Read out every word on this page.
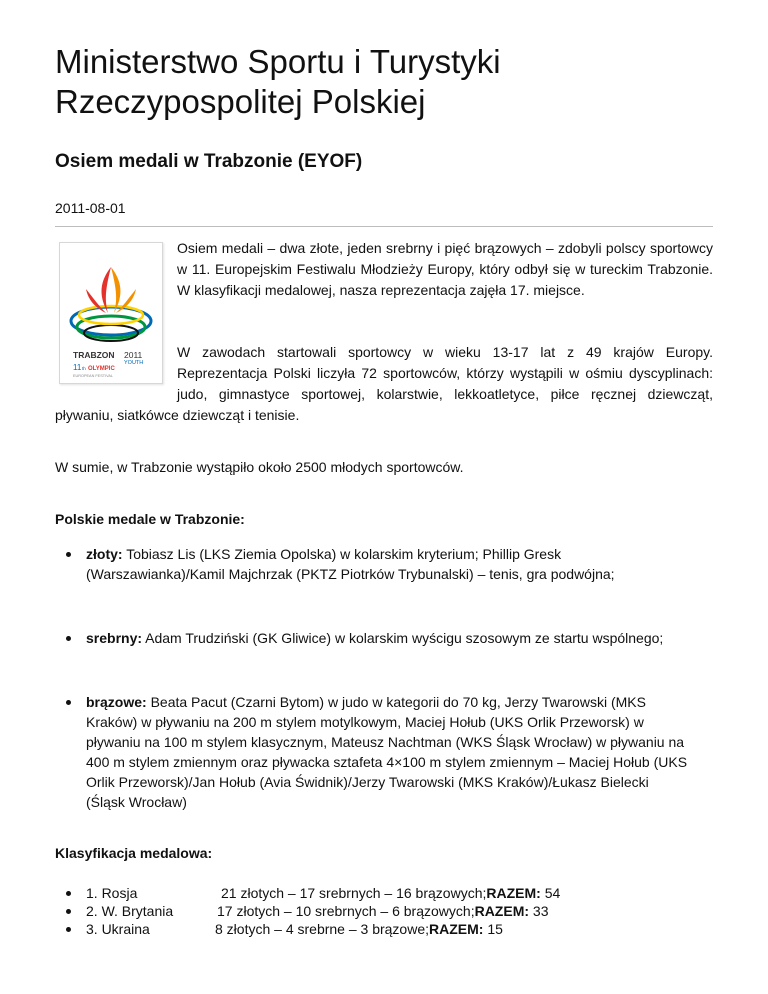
Ministerstwo Sportu i Turystyki
Rzeczypospolitej Polskiej
Osiem medali w Trabzonie (EYOF)
2011-08-01
TRABZON 2011
11 th OLYMPIC
YOUTH
EUROPEAN FESTIVAL

Osiem medali – dwa złote, jeden srebrny i pięć brązowych – zdobyli polscy sportowcy w 11. Europejskim Festiwalu Młodzieży Europy, który odbył się w tureckim Trabzonie. W klasyfikacji medalowej, nasza reprezentacja zajęła 17. miejsce.

W zawodach startowali sportowcy w wieku 13-17 lat z 49 krajów Europy. Reprezentacja Polski liczyła 72 sportowców, którzy wystąpili w ośmiu dyscyplinach: judo, gimnastyce sportowej, kolarstwie, lekkoatletyce, piłce ręcznej dziewcząt, pływaniu, siatkówce dziewcząt i tenisie.

W sumie, w Trabzonie wystąpiło około 2500 młodych sportowców.

Polskie medale w Trabzonie:
złoty: Tobiasz Lis (LKS Ziemia Opolska) w kolarskim kryterium; Phillip Gresk (Warszawianka)/Kamil Majchrzak (PKTZ Piotrków Trybunalski) – tenis, gra podwójna;
srebrny: Adam Trudziński (GK Gliwice) w kolarskim wyścigu szosowym ze startu wspólnego;
brązowe: Beata Pacut (Czarni Bytom) w judo w kategorii do 70 kg, Jerzy Twarowski (MKS Kraków) w pływaniu na 200 m stylem motylkowym, Maciej Hołub (UKS Orlik Przeworsk) w pływaniu na 100 m stylem klasycznym, Mateusz Nachtman (WKS Śląsk Wrocław) w pływaniu na 400 m stylem zmiennym oraz pływacka sztafeta 4×100 m stylem zmiennym – Maciej Hołub (UKS Orlik Przeworsk)/Jan Hołub (Avia Świdnik)/Jerzy Twarowski (MKS Kraków)/Łukasz Bielecki (Śląsk Wrocław)
Klasyfikacja medalowa:
1. Rosja	21 złotych – 17 srebrnych – 16 brązowych;RAZEM: 54
2. W. Brytania	17 złotych – 10 srebrnych – 6 brązowych;RAZEM: 33
3. Ukraina	8 złotych – 4 srebrne – 3 brązowe;RAZEM: 15
